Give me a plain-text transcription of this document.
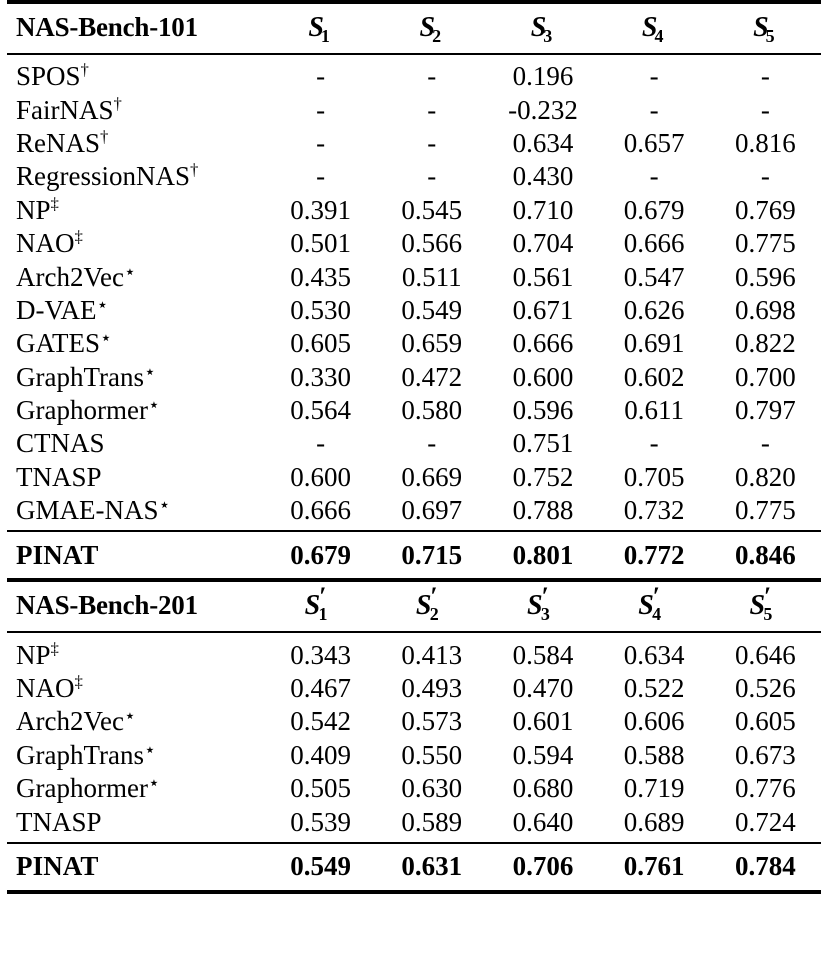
NAS-Bench-101	$S_1$	$S_2$	$S_3$	$S_4$	$S_5$

SPOS†	-	-	0.196	-	-
FairNAS†	-	-	-0.232	-	-
ReNAS†	-	-	0.634	0.657	0.816
RegressionNAS†	-	-	0.430	-	-
NP‡	0.391	0.545	0.710	0.679	0.769
NAO‡	0.501	0.566	0.704	0.666	0.775
Arch2Vec⋆	0.435	0.511	0.561	0.547	0.596
D-VAE⋆	0.530	0.549	0.671	0.626	0.698
GATES⋆	0.605	0.659	0.666	0.691	0.822
GraphTrans⋆	0.330	0.472	0.600	0.602	0.700
Graphormer⋆	0.564	0.580	0.596	0.611	0.797
CTNAS	-	-	0.751	-	-
TNASP	0.600	0.669	0.752	0.705	0.820
GMAE-NAS⋆	0.666	0.697	0.788	0.732	0.775

PINAT	0.679	0.715	0.801	0.772	0.846

NAS-Bench-201	$S'_1$	$S'_2$	$S'_3$	$S'_4$	$S'_5$

NP‡	0.343	0.413	0.584	0.634	0.646
NAO‡	0.467	0.493	0.470	0.522	0.526
Arch2Vec⋆	0.542	0.573	0.601	0.606	0.605
GraphTrans⋆	0.409	0.550	0.594	0.588	0.673
Graphormer⋆	0.505	0.630	0.680	0.719	0.776
TNASP	0.539	0.589	0.640	0.689	0.724

PINAT	0.549	0.631	0.706	0.761	0.784
